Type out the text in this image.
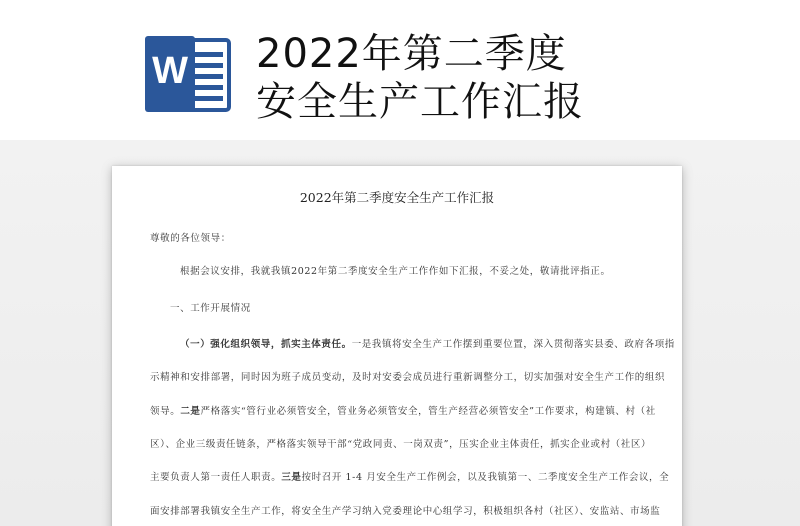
W 2022年第二季度
安全生产工作汇报
2022年第二季度安全生产工作汇报
尊敬的各位领导：
根据会议安排，我就我镇2022年第二季度安全生产工作作如下汇报，不妥之处，敬请批评指正。
一、工作开展情况
（一）强化组织领导，抓实主体责任。一是我镇将安全生产工作摆到重要位置，深入贯彻落实县委、政府各项指
示精神和安排部署，同时因为班子成员变动，及时对安委会成员进行重新调整分工，切实加强对安全生产工作的组织
领导。二是严格落实“管行业必须管安全，管业务必须管安全，管生产经营必须管安全”工作要求，构建镇、村（社
区）、企业三级责任链条，严格落实领导干部“党政同责、一岗双责”，压实企业主体责任，抓实企业或村（社区）
主要负责人第一责任人职责。三是按时召开 1-4 月安全生产工作例会，以及我镇第一、二季度安全生产工作会议，全
面安排部署我镇安全生产工作，将安全生产学习纳入党委理论中心组学习，积极组织各村（社区）、安监站、市场监
